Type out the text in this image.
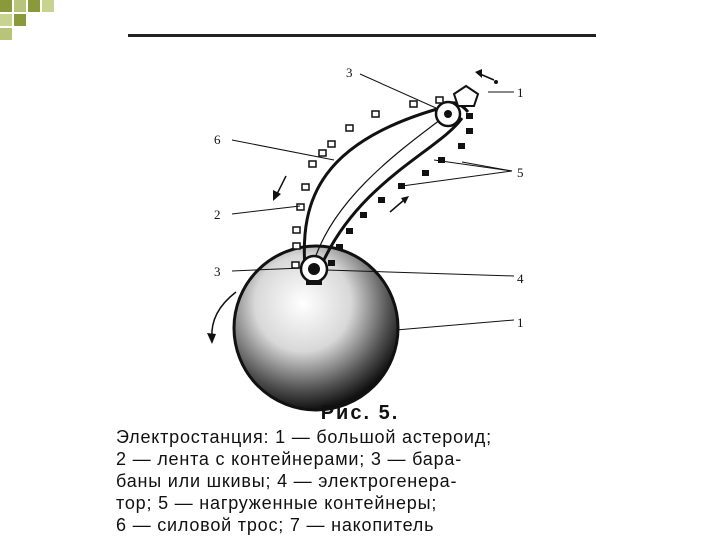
3
1
6
5
2
3	4
1
Рис. 5.
Электростанция: 1 — большой астероид;
2 — лента с контейнерами; 3 — бара-
баны или шкивы; 4 — электрогенера-
тор; 5 — нагруженные контейнеры;
6 — силовой трос; 7 — накопитель
